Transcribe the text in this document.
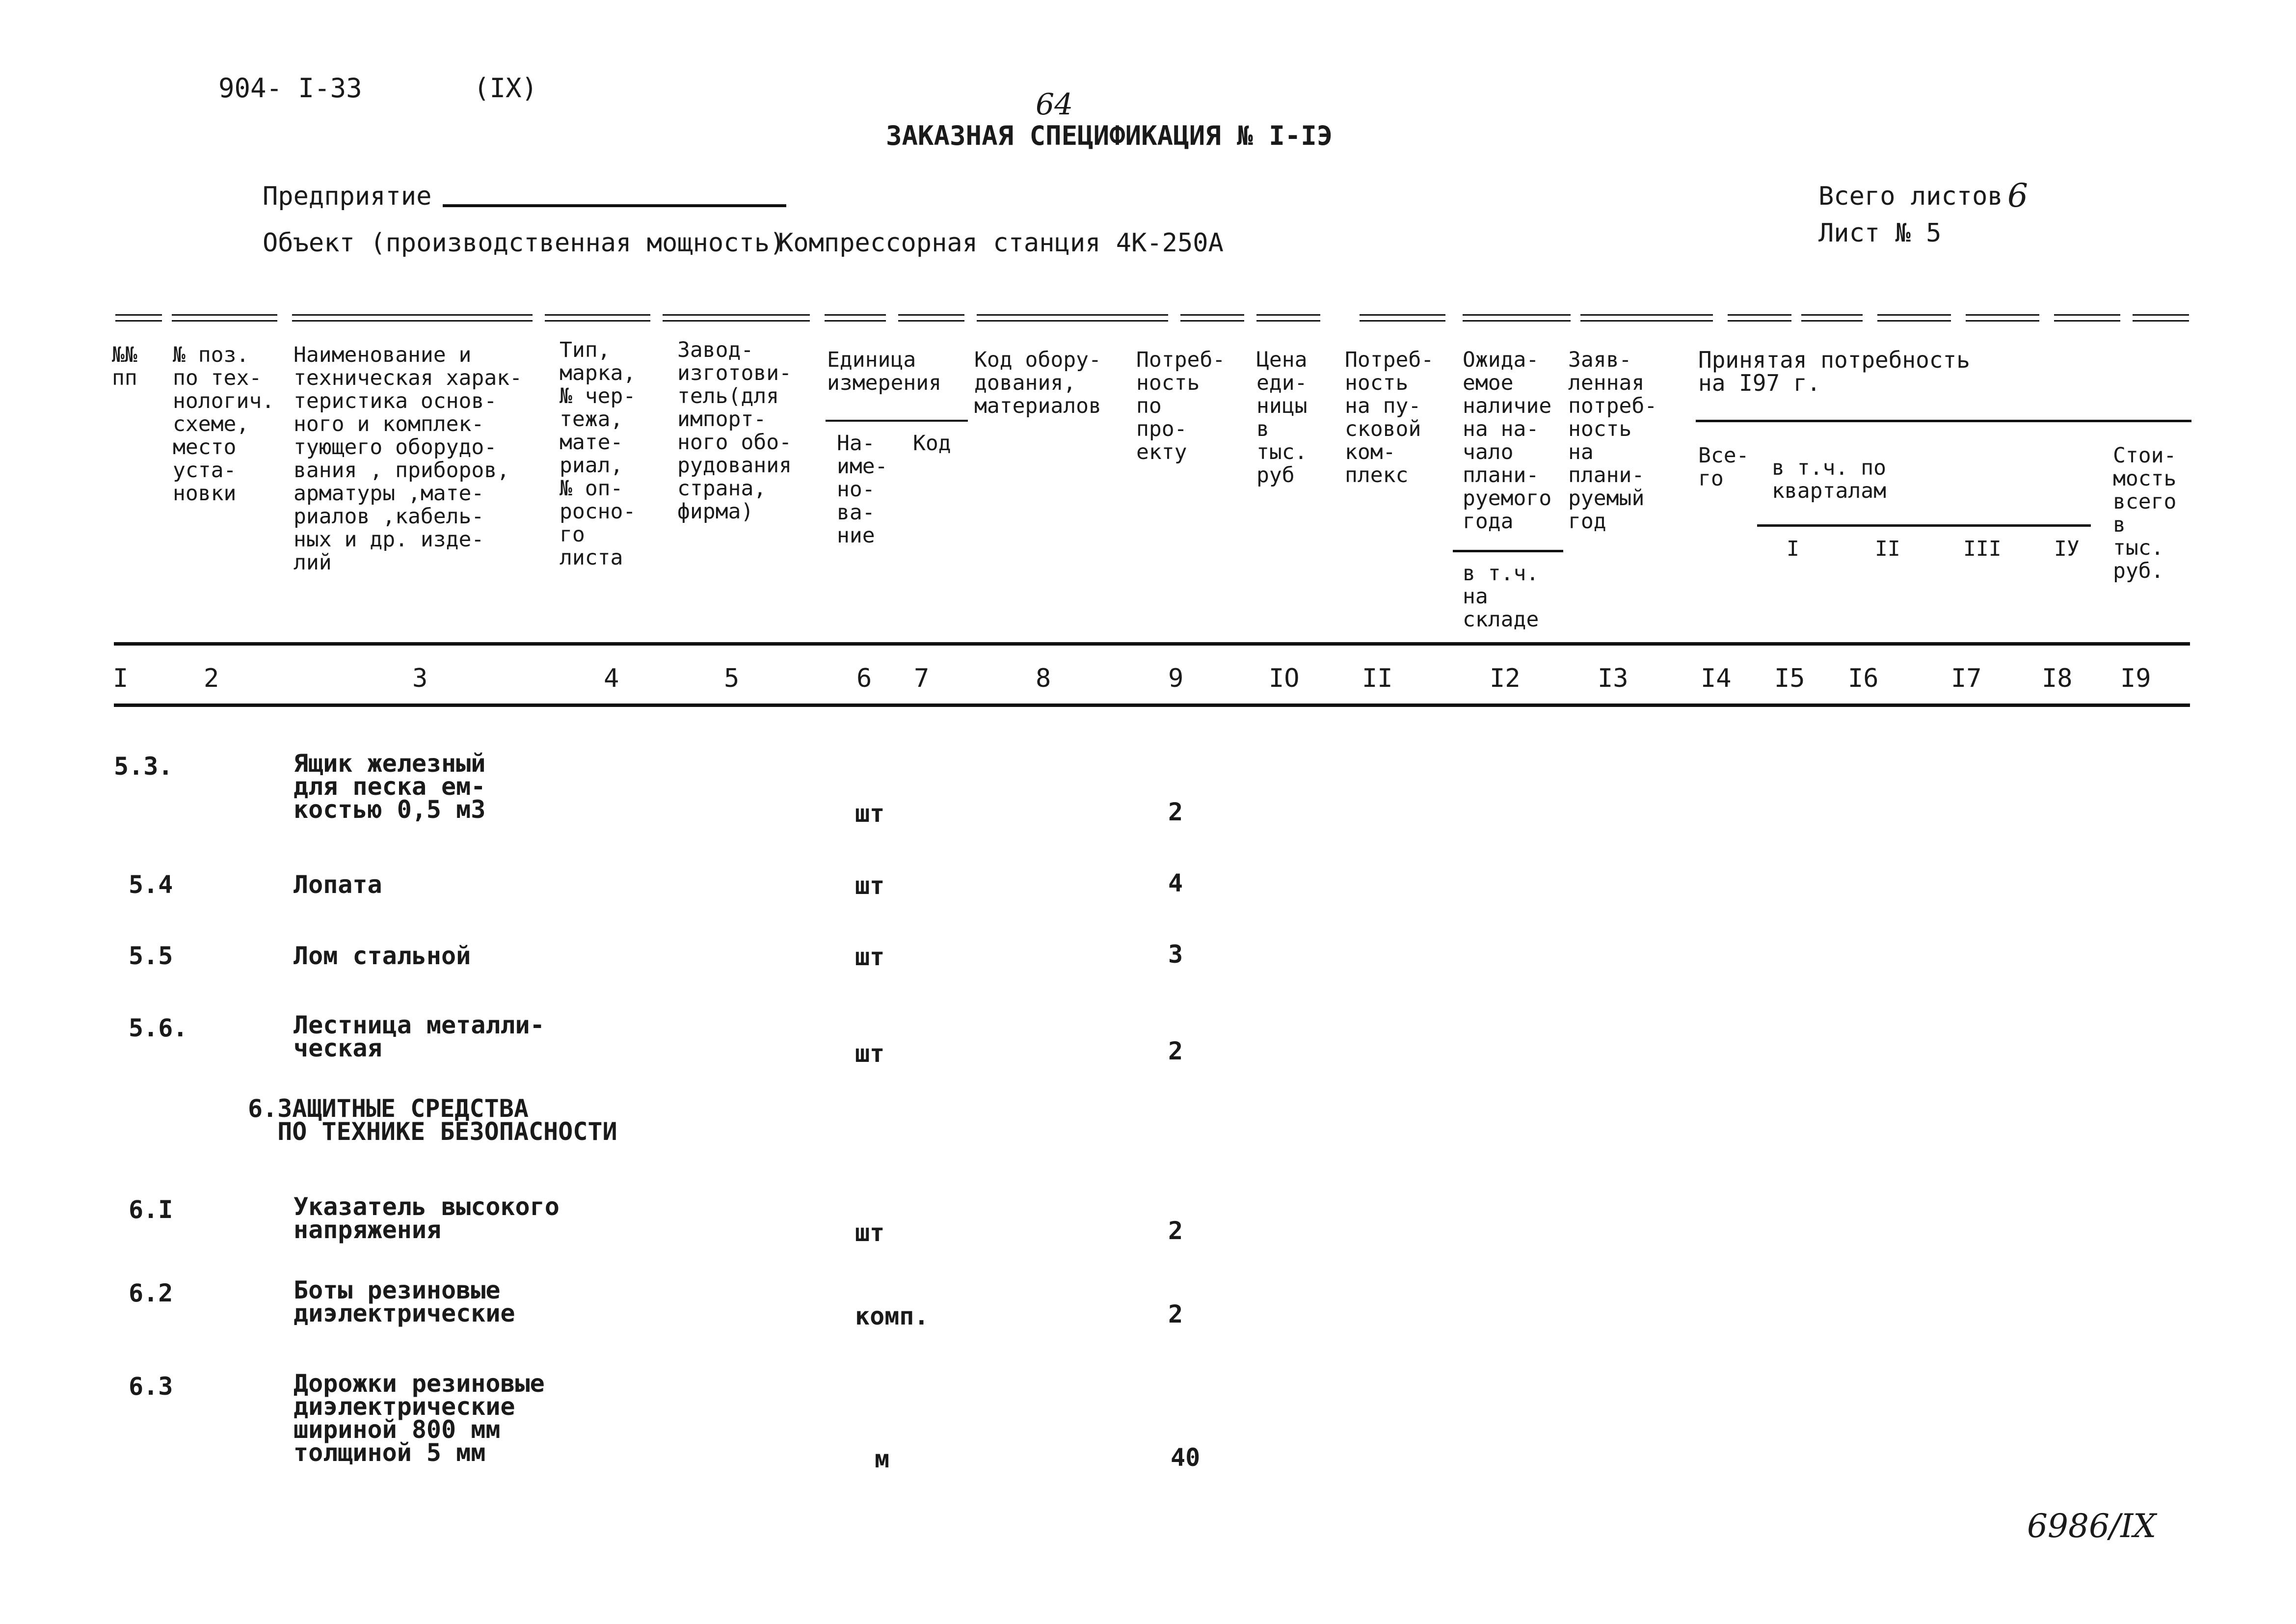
904- I-33	(IX)	64
ЗАКАЗНАЯ СПЕЦИФИКАЦИЯ № I-IЭ
Предприятие
Объект (производственная мощность)
Компрессорная станция 4К-250А
Всего листов 6
Лист № 5
№№
пп
№ поз.
по тех-
нологич.
схеме,
место
уста-
новки
Наименование и
техническая харак-
теристика основ-
ного и комплек-
тующего оборудо-
вания , приборов,
арматуры ,мате-
риалов ,кабель-
ных и др. изде-
лий
Тип,
марка,
№ чер-
тежа,
мате-
риал,
№ оп-
росно-
го
листа
Завод-
изготови-
тель(для
импорт-
ного обо-
рудования
страна,
фирма)
Единица
измерения
На-
име-
но-
ва-
ние
Код
Код обору-
дования,
материалов
Потреб-
ность
по
про-
екту
Цена
еди-
ницы
в
тыс.
руб
Потреб-
ность
на пу-
сковой
ком-
плекс
Ожида-
емое
наличие
на на-
чало
плани-
руемого
года
в т.ч.
на
складе
Заяв-
ленная
потреб-
ность
на
плани-
руемый
год
Принятая потребность
на I97 г.
Все-
го	в т.ч. по
кварталам
I	II	III IУ
Стои-
мость
всего
в
тыс.
руб.
I	2	3	4	5	6 7	8	9	IO II	I2	I3	I4 I5 I6	I7 I8 I9
5.3.	Ящик железный
для песка ем-
костью 0,5 м3	шт	2
5.4	Лопата	шт	4
5.5	Лом стальной	шт	3
5.6.	Лестница металли-
ческая	шт	2
6.ЗАЩИТНЫЕ СРЕДСТВА
ПО ТЕХНИКЕ БЕЗОПАСНОСТИ
6.I	Указатель высокого
напряжения	шт	2
6.2	Боты резиновые
диэлектрические	комп.	2
6.3	Дорожки резиновые
диэлектрические
шириной 800 мм
толщиной 5 мм	м	40
6986/IX
